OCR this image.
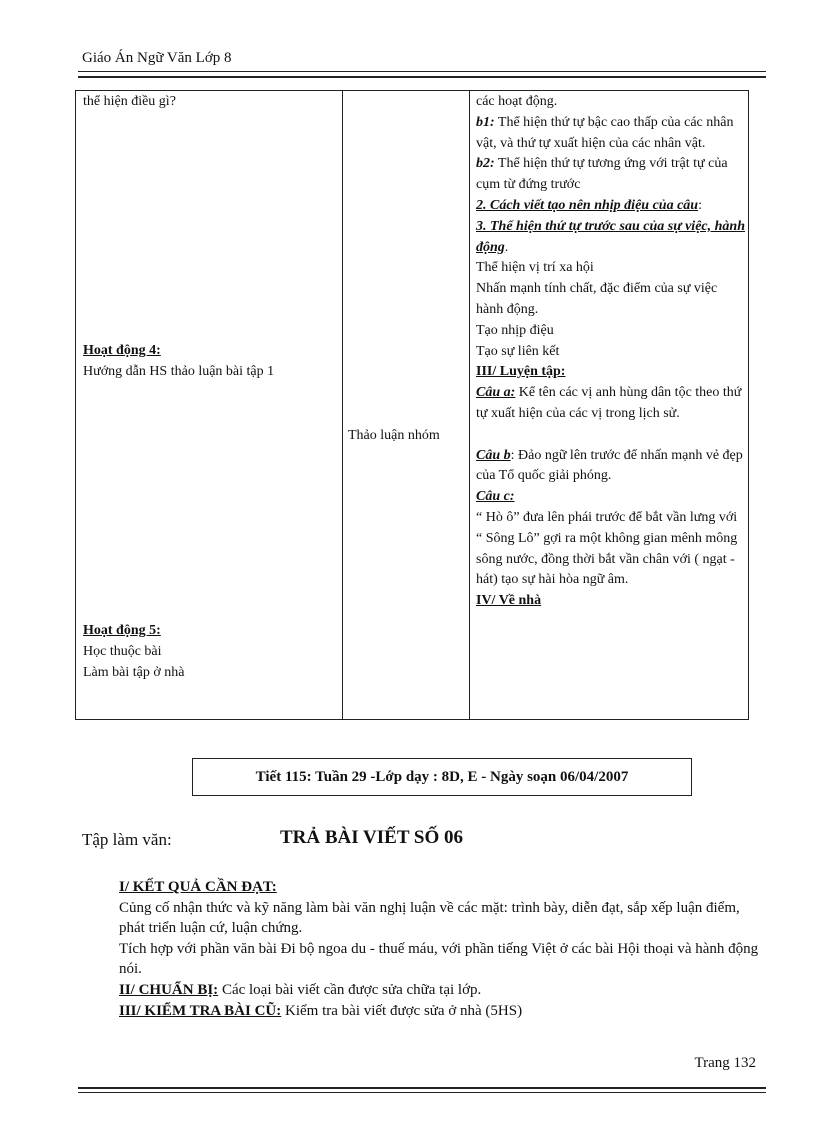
Giáo Án Ngữ Văn Lớp 8
thể hiện điều gì?
Hoạt động 4:
Hướng dẫn HS thảo luận bài tập 1
Hoạt động 5:
Học thuộc bài
Làm bài tập ở nhà
Thảo luận nhóm

các hoạt động.

b1: Thể hiện thứ tự bậc cao thấp của các nhân vật, và thứ tự xuất hiện của các nhân vật.

b2: Thể hiện thứ tự tương ứng với trật tự của cụm từ đứng trước

2. Cách viết tạo nên nhịp điệu của câu:

3. Thể hiện thứ tự trước sau của sự việc, hành động.

Thể hiện vị trí xa hội

Nhấn mạnh tính chất, đặc điểm của sự việc hành động.

Tạo nhịp điệu

Tạo sự liên kết

III/ Luyện tập:

Câu a: Kể tên các vị anh hùng dân tộc theo thứ tự xuất hiện của các vị trong lịch sử.

Câu b: Đảo ngữ lên trước để nhấn mạnh vẻ đẹp của Tổ quốc giải phóng.

Câu c:

“ Hò ô” đưa lên phái trước để bắt vần lưng với “ Sông Lô” gợi ra một không gian mênh mông sông nước, đồng thời bắt vần chân với ( ngạt - hát) tạo sự hài hòa ngữ âm.

IV/ Về nhà

Tiết 115: Tuần 29 -Lớp dạy : 8D, E - Ngày soạn 06/04/2007
Tập làm văn:	TRẢ BÀI VIẾT SỐ 06

I/ KẾT QUẢ CẦN ĐẠT:

Củng cố nhận thức và kỹ năng làm bài văn nghị luận về các mặt: trình bày, diễn đạt, sắp xếp luận điểm, phát triển luận cứ, luận chứng.

Tích hợp với phần văn bài Đi bộ ngoa du - thuế máu, với phần tiếng Việt ở các bài Hội thoại và hành động nói.

II/ CHUẨN BỊ: Các loại bài viết cần được sửa chữa tại lớp.

III/ KIỂM TRA BÀI CŨ: Kiểm tra bài viết được sửa ở nhà (5HS)

Trang 132
